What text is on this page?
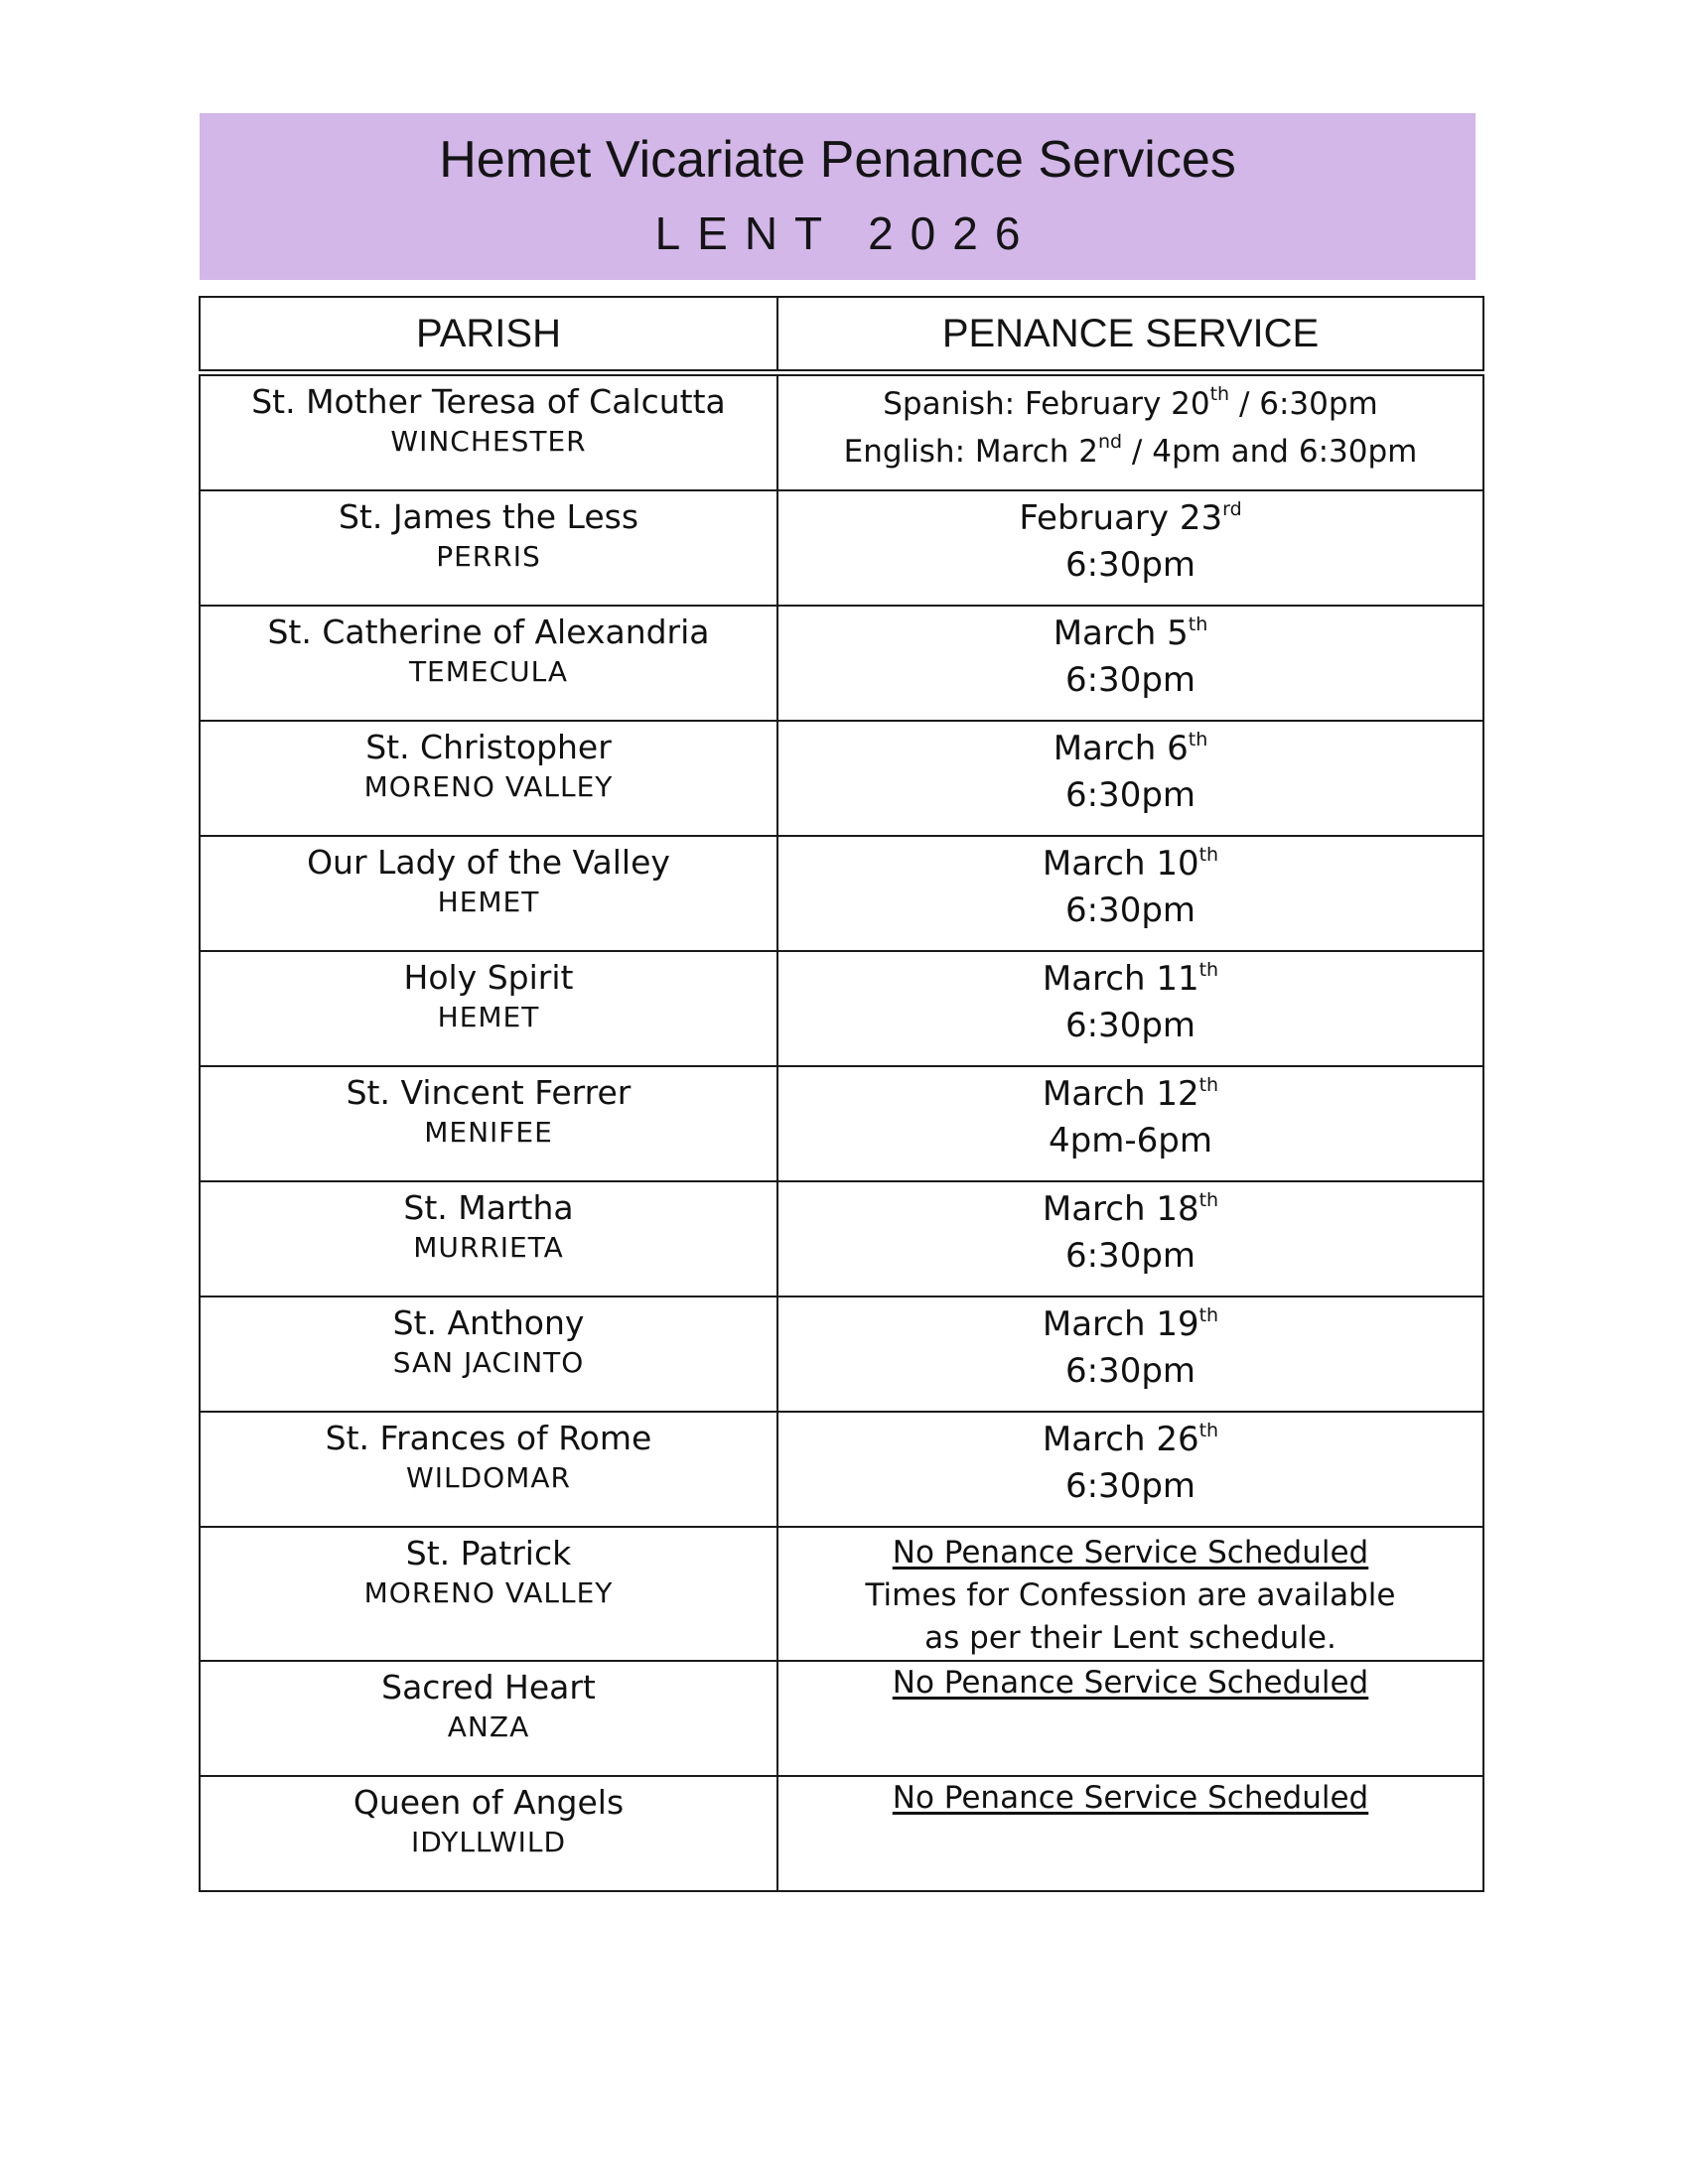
Hemet Vicariate Penance Services
LENT 2026
PARISH	PENANCE SERVICE

St. Mother Teresa of Calcutta
WINCHESTER	Spanish: February 20th / 6:30pm
English: March 2nd / 4pm and 6:30pm

St. James the Less
PERRIS	February 23rd
6:30pm

St. Catherine of Alexandria
TEMECULA	March 5th
6:30pm

St. Christopher
MORENO VALLEY	March 6th
6:30pm

Our Lady of the Valley
HEMET	March 10th
6:30pm

Holy Spirit
HEMET	March 11th
6:30pm

St. Vincent Ferrer
MENIFEE	March 12th
4pm-6pm

St. Martha
MURRIETA	March 18th
6:30pm

St. Anthony
SAN JACINTO	March 19th
6:30pm

St. Frances of Rome
WILDOMAR	March 26th
6:30pm

St. Patrick
MORENO VALLEY	No Penance Service Scheduled
Times for Confession are available
as per their Lent schedule.

Sacred Heart
ANZA	No Penance Service Scheduled

Queen of Angels
IDYLLWILD	No Penance Service Scheduled
